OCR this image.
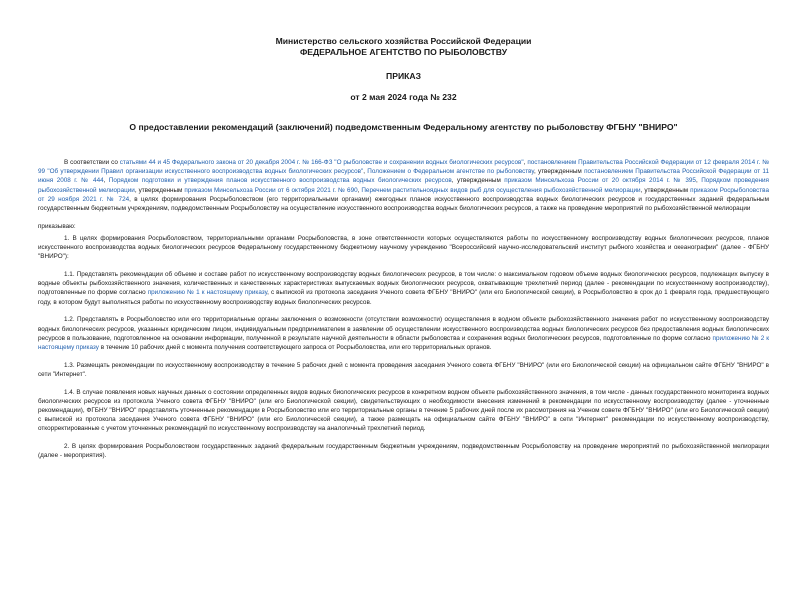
Министерство сельского хозяйства Российской Федерации
ФЕДЕРАЛЬНОЕ АГЕНТСТВО ПО РЫБОЛОВСТВУ
ПРИКАЗ
от 2 мая 2024 года № 232
О предоставлении рекомендаций (заключений) подведомственным Федеральному агентству по рыболовству ФГБНУ "ВНИРО"

В соответствии со статьями 44 и 45 Федерального закона от 20 декабря 2004 г. № 166-ФЗ "О рыболовстве и сохранении водных биологических ресурсов", постановлением Правительства Российской Федерации от 12 февраля 2014 г. № 99 "Об утверждении Правил организации искусственного воспроизводства водных биологических ресурсов", Положением о Федеральном агентстве по рыболовству, утвержденным постановлением Правительства Российской Федерации от 11 июня 2008 г. № 444, Порядком подготовки и утверждения планов искусственного воспроизводства водных биологических ресурсов, утвержденным приказом Минсельхоза России от 20 октября 2014 г. № 395, Порядком проведения рыбохозяйственной мелиорации, утвержденным приказом Минсельхоза России от 6 октября 2021 г. № 690, Перечнем растительноядных видов рыб для осуществления рыбохозяйственной мелиорации, утвержденным приказом Росрыболовства от 29 ноября 2021 г. № 724, в целях формирования Росрыболовством (его территориальными органами) ежегодных планов искусственного воспроизводства водных биологических ресурсов и государственных заданий федеральным государственным бюджетным учреждениям, подведомственным Росрыболовству на осуществление искусственного воспроизводства водных биологических ресурсов, а также на проведение мероприятий по рыбохозяйственной мелиорации

приказываю:

1. В целях формирования Росрыболовством, территориальными органами Росрыболовства, в зоне ответственности которых осуществляются работы по искусственному воспроизводству водных биологических ресурсов, планов искусственного воспроизводства водных биологических ресурсов Федеральному государственному бюджетному научному учреждению "Всероссийский научно-исследовательский институт рыбного хозяйства и океанографии" (далее - ФГБНУ "ВНИРО"):

1.1. Представлять рекомендации об объеме и составе работ по искусственному воспроизводству водных биологических ресурсов, в том числе: о максимальном годовом объеме водных биологических ресурсов, подлежащих выпуску в водные объекты рыбохозяйственного значения, количественных и качественных характеристиках выпускаемых водных биологических ресурсов, охватывающие трехлетний период (далее - рекомендации по искусственному воспроизводству), подготовленные по форме согласно приложению № 1 к настоящему приказу, с выпиской из протокола заседания Ученого совета ФГБНУ "ВНИРО" (или его Биологической секции), в Росрыболовство в срок до 1 февраля года, предшествующего году, в котором будут выполняться работы по искусственному воспроизводству водных биологических ресурсов.

1.2. Представлять в Росрыболовство или его территориальные органы заключения о возможности (отсутствии возможности) осуществления в водном объекте рыбохозяйственного значения работ по искусственному воспроизводству водных биологических ресурсов, указанных юридическим лицом, индивидуальным предпринимателем в заявлении об осуществлении искусственного воспроизводства водных биологических ресурсов без предоставления водных биологических ресурсов в пользование, подготовленное на основании информации, полученной в результате научной деятельности в области рыболовства и сохранения водных биологических ресурсов, подготовленные по форме согласно приложению № 2 к настоящему приказу в течение 10 рабочих дней с момента получения соответствующего запроса от Росрыболовства, или его территориальных органов.

1.3. Размещать рекомендации по искусственному воспроизводству в течение 5 рабочих дней с момента проведения заседания Ученого совета ФГБНУ "ВНИРО" (или его Биологической секции) на официальном сайте ФГБНУ "ВНИРО" в сети "Интернет".

1.4. В случае появления новых научных данных о состоянии определенных видов водных биологических ресурсов в конкретном водном объекте рыбохозяйственного значения, в том числе - данных государственного мониторинга водных биологических ресурсов из протокола Ученого совета ФГБНУ "ВНИРО" (или его Биологической секции), свидетельствующих о необходимости внесения изменений в рекомендации по искусственному воспроизводству (далее - уточненные рекомендации), ФГБНУ "ВНИРО" представлять уточненные рекомендации в Росрыболовство или его территориальные органы в течение 5 рабочих дней после их рассмотрения на Ученом совете ФГБНУ "ВНИРО" (или его Биологической секции) с выпиской из протокола заседания Ученого совета ФГБНУ "ВНИРО" (или его Биологической секции), а также размещать на официальном сайте ФГБНУ "ВНИРО" в сети "Интернет" рекомендации по искусственному воспроизводству, откорректированные с учетом уточненных рекомендаций по искусственному воспроизводству на аналогичный трехлетний период.

2. В целях формирования Росрыболовством государственных заданий федеральным государственным бюджетным учреждениям, подведомственным Росрыболовству на проведение мероприятий по рыбохозяйственной мелиорации (далее - мероприятия).
